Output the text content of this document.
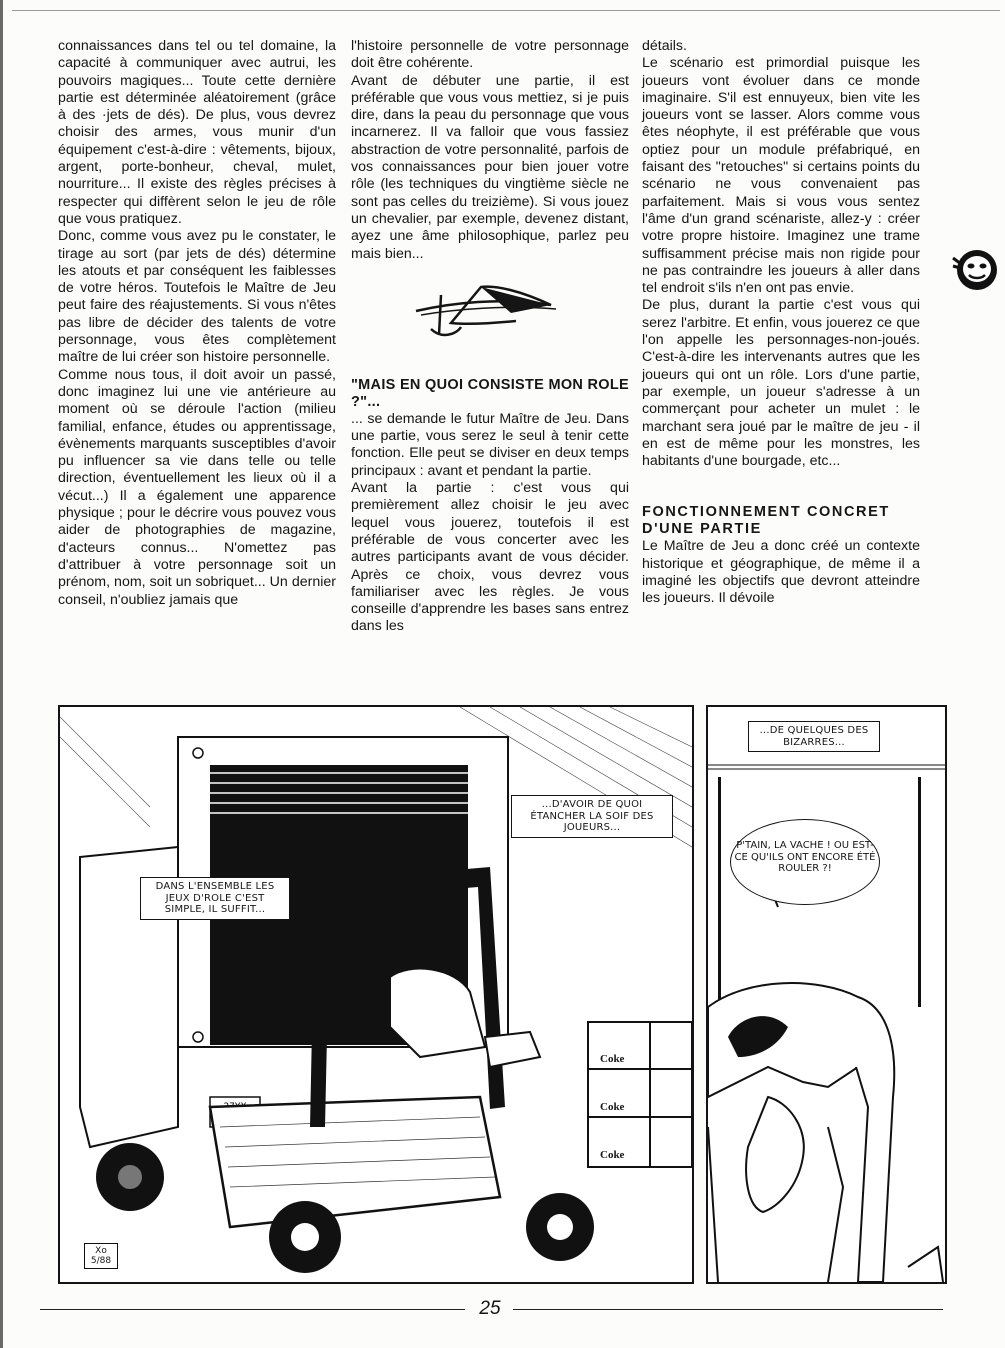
connaissances dans tel ou tel domaine, la capacité à communiquer avec autrui, les pouvoirs magiques... Toute cette dernière partie est déterminée aléatoirement (grâce à des ·jets de dés). De plus, vous devrez choisir des armes, vous munir d'un équipement c'est-à-dire : vêtements, bijoux, argent, porte-bonheur, cheval, mulet, nourriture... Il existe des règles précises à respecter qui diffèrent selon le jeu de rôle que vous pratiquez.

Donc, comme vous avez pu le constater, le tirage au sort (par jets de dés) détermine les atouts et par conséquent les faiblesses de votre héros. Toutefois le Maître de Jeu peut faire des réajustements. Si vous n'êtes pas libre de décider des talents de votre personnage, vous êtes complètement maître de lui créer son histoire personnelle.

Comme nous tous, il doit avoir un passé, donc imaginez lui une vie antérieure au moment où se déroule l'action (milieu familial, enfance, études ou apprentissage, évènements marquants susceptibles d'avoir pu influencer sa vie dans telle ou telle direction, éventuellement les lieux où il a vécut...) Il a également une apparence physique ; pour le décrire vous pouvez vous aider de photographies de magazine, d'acteurs connus... N'omettez pas d'attribuer à votre personnage soit un prénom, nom, soit un sobriquet... Un dernier conseil, n'oubliez jamais que

l'histoire personnelle de votre personnage doit être cohérente.

Avant de débuter une partie, il est préférable que vous vous mettiez, si je puis dire, dans la peau du personnage que vous incarnerez. Il va falloir que vous fassiez abstraction de votre personnalité, parfois de vos connaissances pour bien jouer votre rôle (les techniques du vingtième siècle ne sont pas celles du treizième). Si vous jouez un chevalier, par exemple, devenez distant, ayez une âme philosophique, parlez peu mais bien...

"MAIS EN QUOI CONSISTE MON ROLE ?"...

... se demande le futur Maître de Jeu. Dans une partie, vous serez le seul à tenir cette fonction. Elle peut se diviser en deux temps principaux : avant et pendant la partie.

Avant la partie : c'est vous qui premièrement allez choisir le jeu avec lequel vous jouerez, toutefois il est préférable de vous concerter avec les autres participants avant de vous décider. Après ce choix, vous devrez vous familiariser avec les règles. Je vous conseille d'apprendre les bases sans entrez dans les

détails.

Le scénario est primordial puisque les joueurs vont évoluer dans ce monde imaginaire. S'il est ennuyeux, bien vite les joueurs vont se lasser. Alors comme vous êtes néophyte, il est préférable que vous optiez pour un module préfabriqué, en faisant des "retouches" si certains points du scénario ne vous convenaient pas parfaitement. Mais si vous vous sentez l'âme d'un grand scénariste, allez-y : créer votre propre histoire. Imaginez une trame suffisamment précise mais non rigide pour ne pas contraindre les joueurs à aller dans tel endroit s'ils n'en ont pas envie.

De plus, durant la partie c'est vous qui serez l'arbitre. Et enfin, vous jouerez ce que l'on appelle les personnages-non-joués. C'est-à-dire les intervenants autres que les joueurs qui ont un rôle. Lors d'une partie, par exemple, un joueur s'adresse à un commerçant pour acheter un mulet : le marchant sera joué par le maître de jeu - il en est de même pour les monstres, les habitants d'une bourgade, etc...

FONCTIONNEMENT CONCRET D'UNE PARTIE

Le Maître de Jeu a donc créé un contexte historique et géographique, de même il a imaginé les objectifs que devront atteindre les joueurs. Il dévoile

...D'AVOIR DE QUOI ÉTANCHER LA SOIF DES JOUEURS...
DANS L'ENSEMBLE LES JEUX D'ROLE C'EST SIMPLE, IL SUFFIT...
Coke
Coke
Coke
Xo 5/88
...DE QUELQUES DES BIZARRES...
P'TAIN, LA VACHE ! OU EST-CE QU'ILS ONT ENCORE ÉTÉ ROULER ?!
25
